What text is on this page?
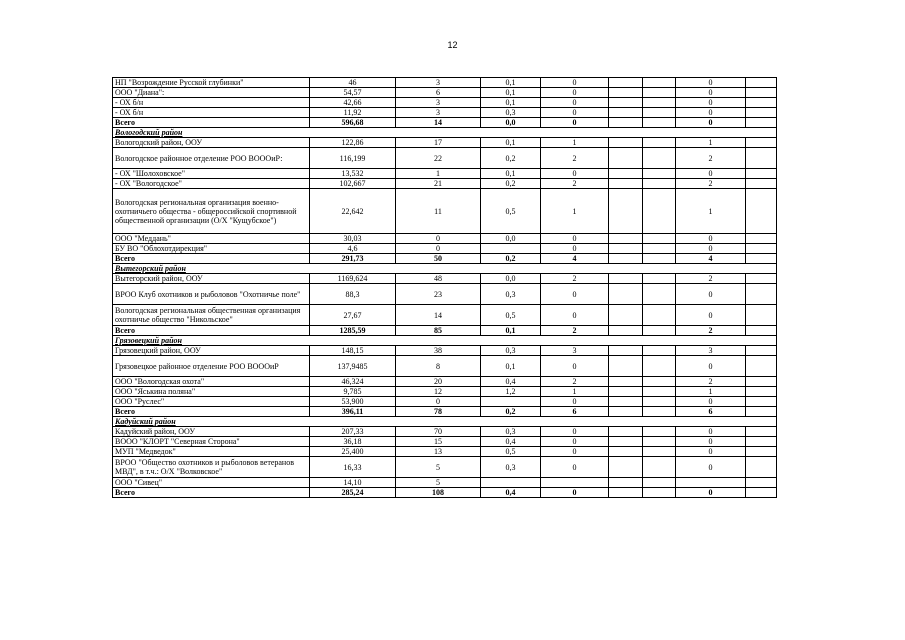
12
НП "Возрождение Русской глубинки"	46	3	0,1	0			0	
ООО "Диана":	54,57	6	0,1	0			0	
- ОХ б/н	42,66	3	0,1	0			0	
- ОХ б/н	11,92	3	0,3	0			0	
Всего	596,68	14	0,0	0			0	
Вологодский район								
Вологодский район, ООУ	122,86	17	0,1	1			1	
Вологодское районное отделение РОО ВОООиР:	116,199	22	0,2	2			2	
- ОХ "Шолоховское"	13,532	1	0,1	0			0	
- ОХ "Вологодское"	102,667	21	0,2	2			2	
Вологодская региональная организация военно-охотничьего общества - общероссийской спортивной общественной организации (О/Х "Кущубское")	22,642	11	0,5	1			1	
ООО "Меддань"	30,03	0	0,0	0			0	
БУ ВО "Облохотдирекция"	4,6	0		0			0	
Всего	291,73	50	0,2	4			4	
Вытегорский район								
Вытегорский район, ООУ	1169,624	48	0,0	2			2	
ВРОО Клуб охотников и рыболовов "Охотничье поле"	88,3	23	0,3	0			0	
Вологодская региональная общественная организация охотничье общество "Никольское"	27,67	14	0,5	0			0	
Всего	1285,59	85	0,1	2			2	
Грязовецкий район								
Грязовецкий район, ООУ	148,15	38	0,3	3			3	
Грязовецкое районное отделение РОО ВОООиР	137,9485	8	0,1	0			0	
ООО "Вологодская охота"	46,324	20	0,4	2			2	
ООО "Яськина поляна"	9,785	12	1,2	1			1	
ООО "Руслес"	53,900	0		0			0	
Всего	396,11	78	0,2	6			6	
Кадуйский район								
Кадуйский район, ООУ	207,33	70	0,3	0			0	
ВООО "КЛОРТ "Северная Сторона"	36,18	15	0,4	0			0	
МУП "Медведок"	25,400	13	0,5	0			0	
ВРОО "Общество охотников и рыболовов ветеранов МВД", в т.ч.: О/Х "Волковское"	16,33	5	0,3	0			0	
ООО "Сивец"	14,10	5						
Всего	285,24	108	0,4	0			0	
